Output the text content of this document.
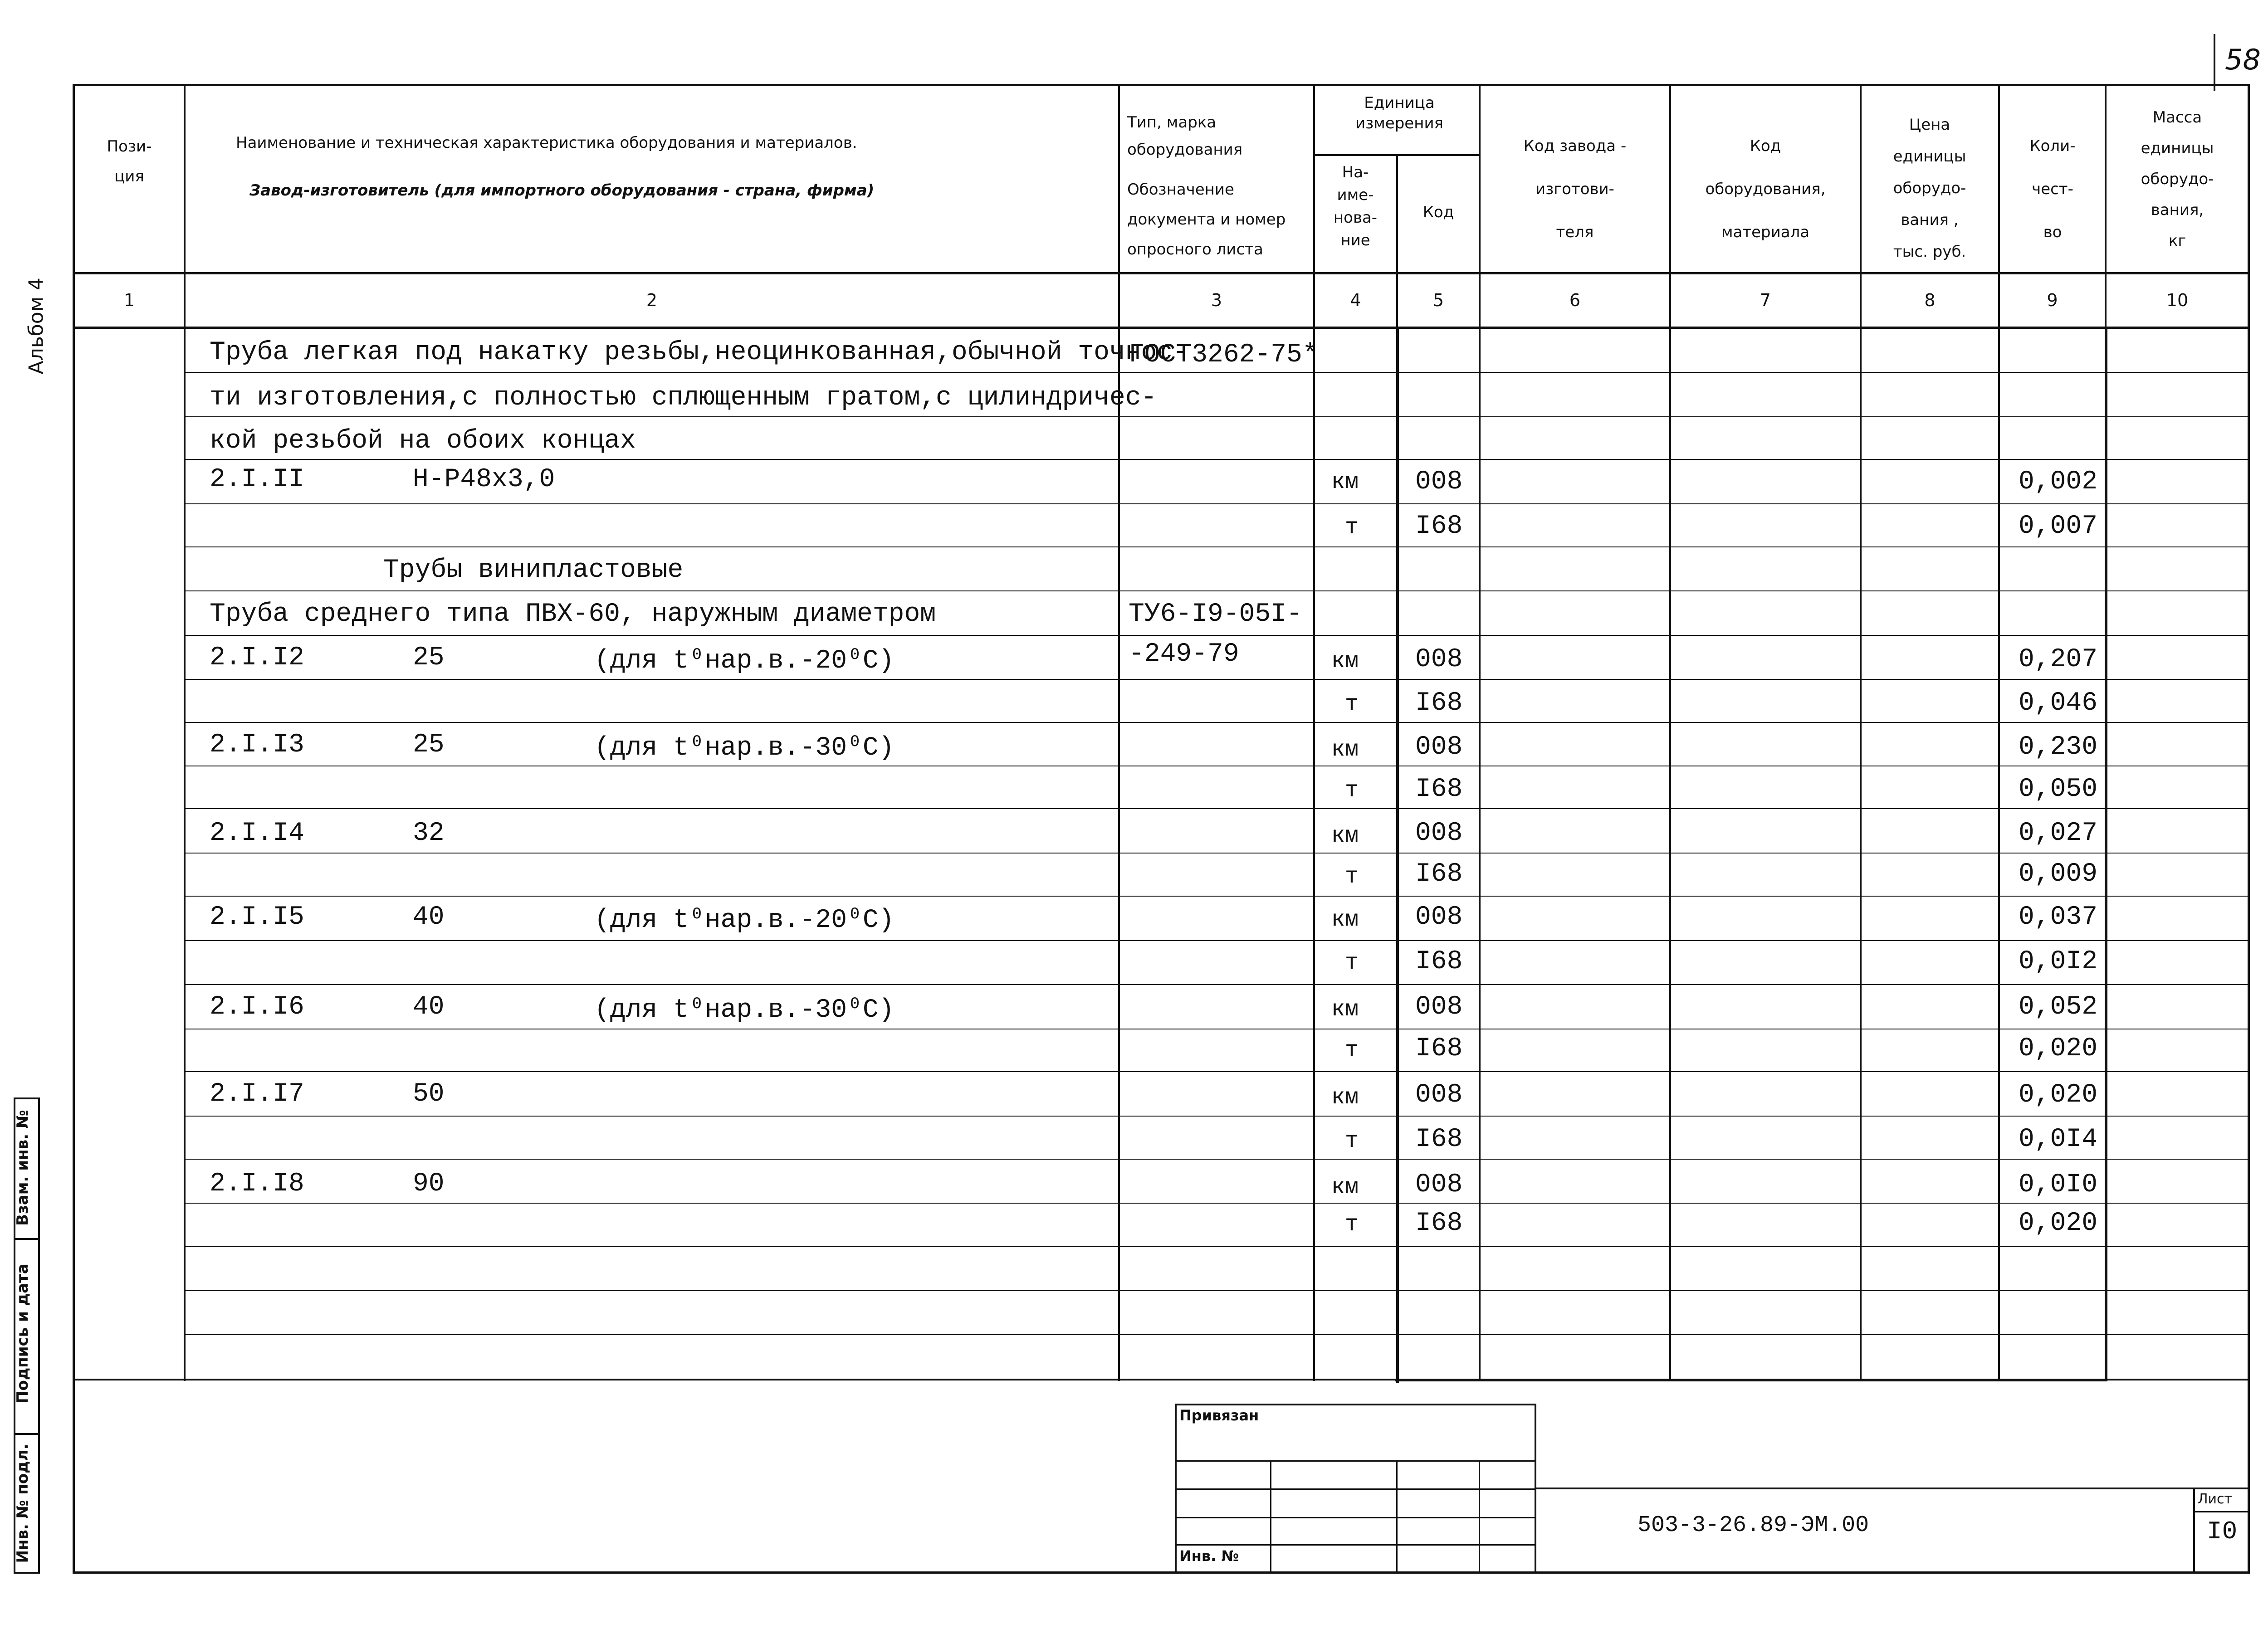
58
Альбом 4
Взам. инв. №
Подпись и дата
Инв. № подл.
Пози-
ция
Наименование и техническая характеристика оборудования и материалов.
Завод-изготовитель (для импортного оборудования - страна, фирма)
Тип, марка оборудования
Обозначение документа и номер опросного листа
Единица измерения
На-
име-
нова-
ние
Код
Код завода -
изготови-
теля
Код
оборудования,
материала
Цена
единицы
оборудо-
вания ,
тыс. руб.
Коли-
чест-
во
Масса
единицы
оборудо-
вания,
кг
1	2	3	4	5	6	7	8	9	10
Труба легкая под накатку резьбы,неоцинкованная,обычной точнос-
ГОСТ3262-75*
ти изготовления,с полностью сплющенным гратом,с цилиндричес-
кой резьбой на обоих концах
2.I.II	Н-Р48х3,0	км 008	0,002
т I68	0,007
Трубы винипластовые
Труба среднего типа ПВХ-60, наружным диаметром	ТУ6-I9-05I-
2.I.I2	25	(для t⁰нар.в.-20⁰С)	-249-79	км 008	0,207
т I68	0,046
2.I.I3	25	(для t⁰нар.в.-30⁰С)	км 008	0,230
т I68	0,050
2.I.I4	32	км 008	0,027
т I68	0,009
2.I.I5	40	(для t⁰нар.в.-20⁰С)	км 008	0,037
т I68	0,0I2
2.I.I6	40	(для t⁰нар.в.-30⁰С)	км 008	0,052
т I68	0,020
2.I.I7	50	км 008	0,020
т I68	0,0I4
2.I.I8	90	км 008	0,0I0
т I68	0,020
Привязан
Инв. №
503-3-26.89-ЭМ.00
Лист
I0
